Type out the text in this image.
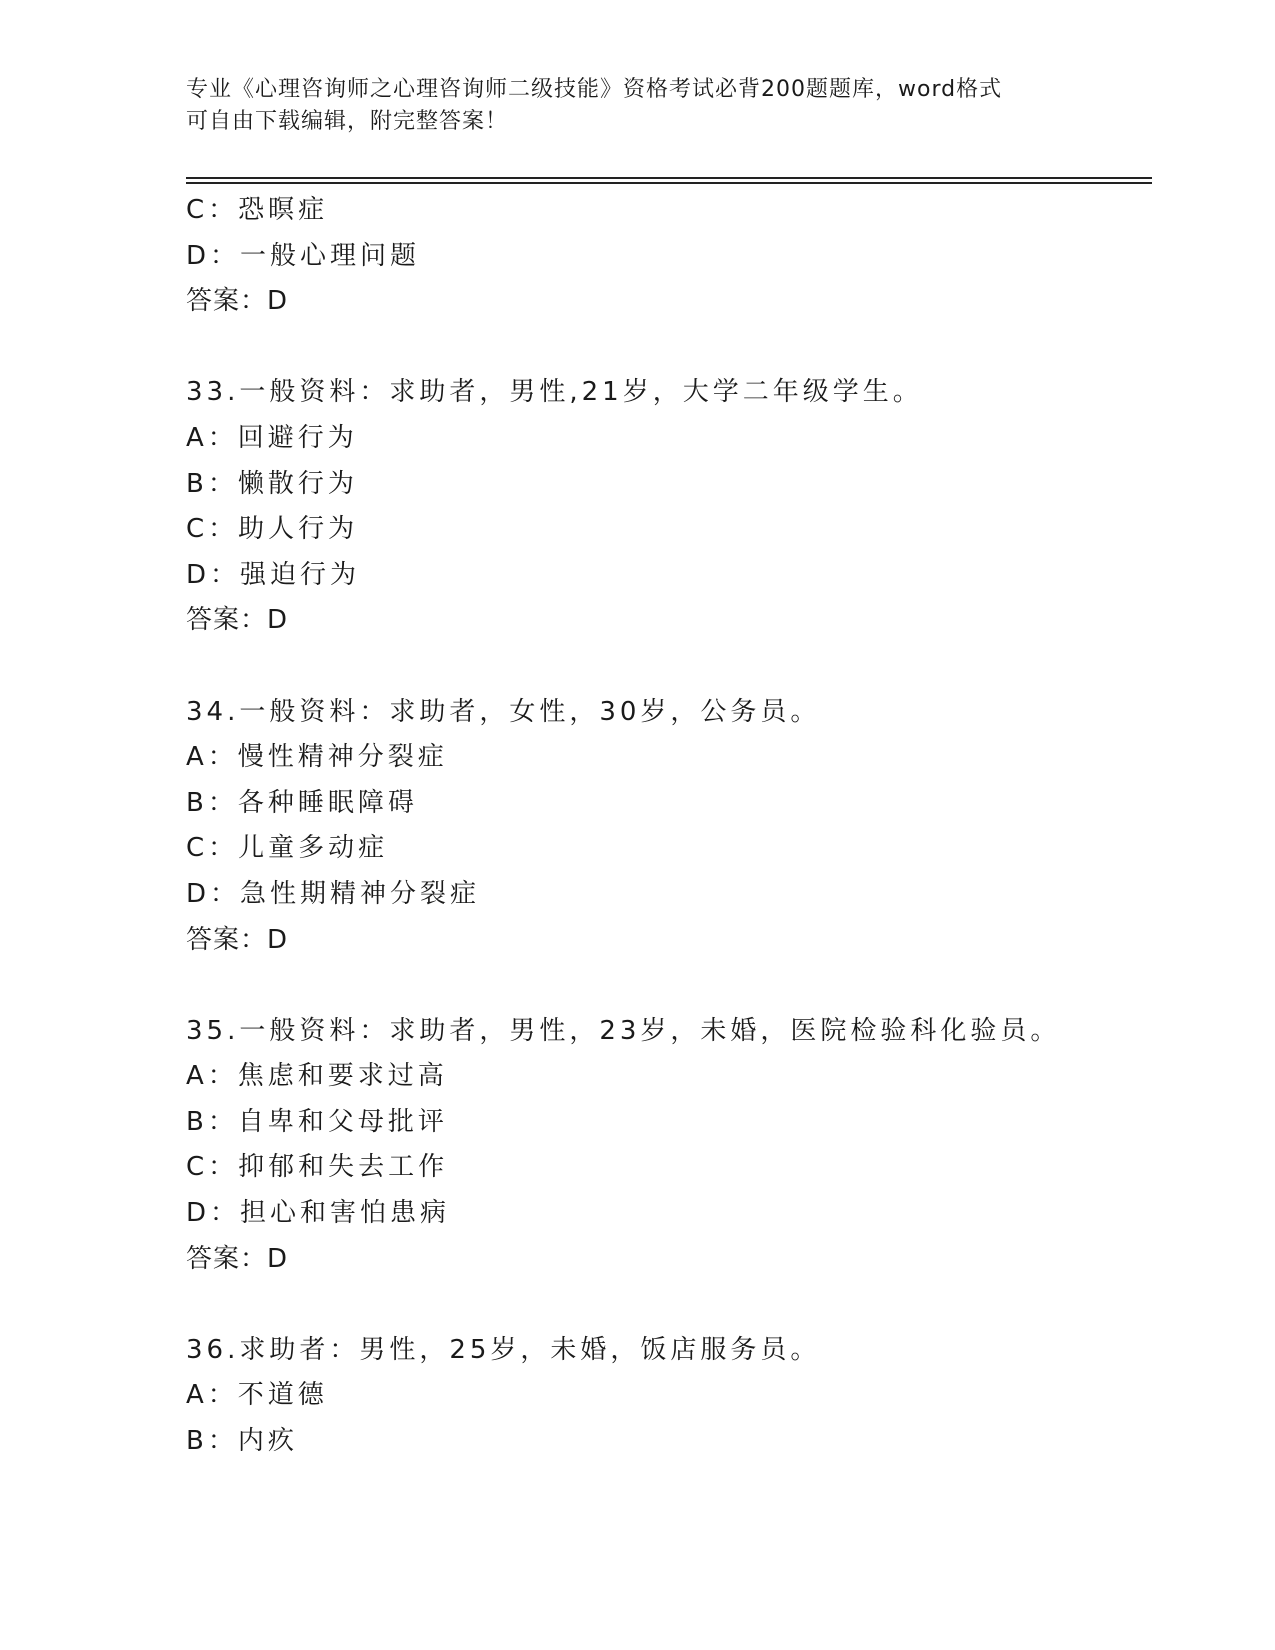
专业《心理咨询师之心理咨询师二级技能》资格考试必背200题题库，word格式
可自由下载编辑，附完整答案！
C：恐暝症
D：一般心理问题
答案：D
33.一般资料：求助者，男性,21岁，大学二年级学生。
A：回避行为
B：懒散行为
C：助人行为
D：强迫行为
答案：D
34.一般资料：求助者，女性，30岁，公务员。
A：慢性精神分裂症
B：各种睡眠障碍
C：儿童多动症
D：急性期精神分裂症
答案：D
35.一般资料：求助者，男性，23岁，未婚，医院检验科化验员。
A：焦虑和要求过高
B：自卑和父母批评
C：抑郁和失去工作
D：担心和害怕患病
答案：D
36.求助者：男性，25岁，未婚，饭店服务员。
A：不道德
B：内疚
